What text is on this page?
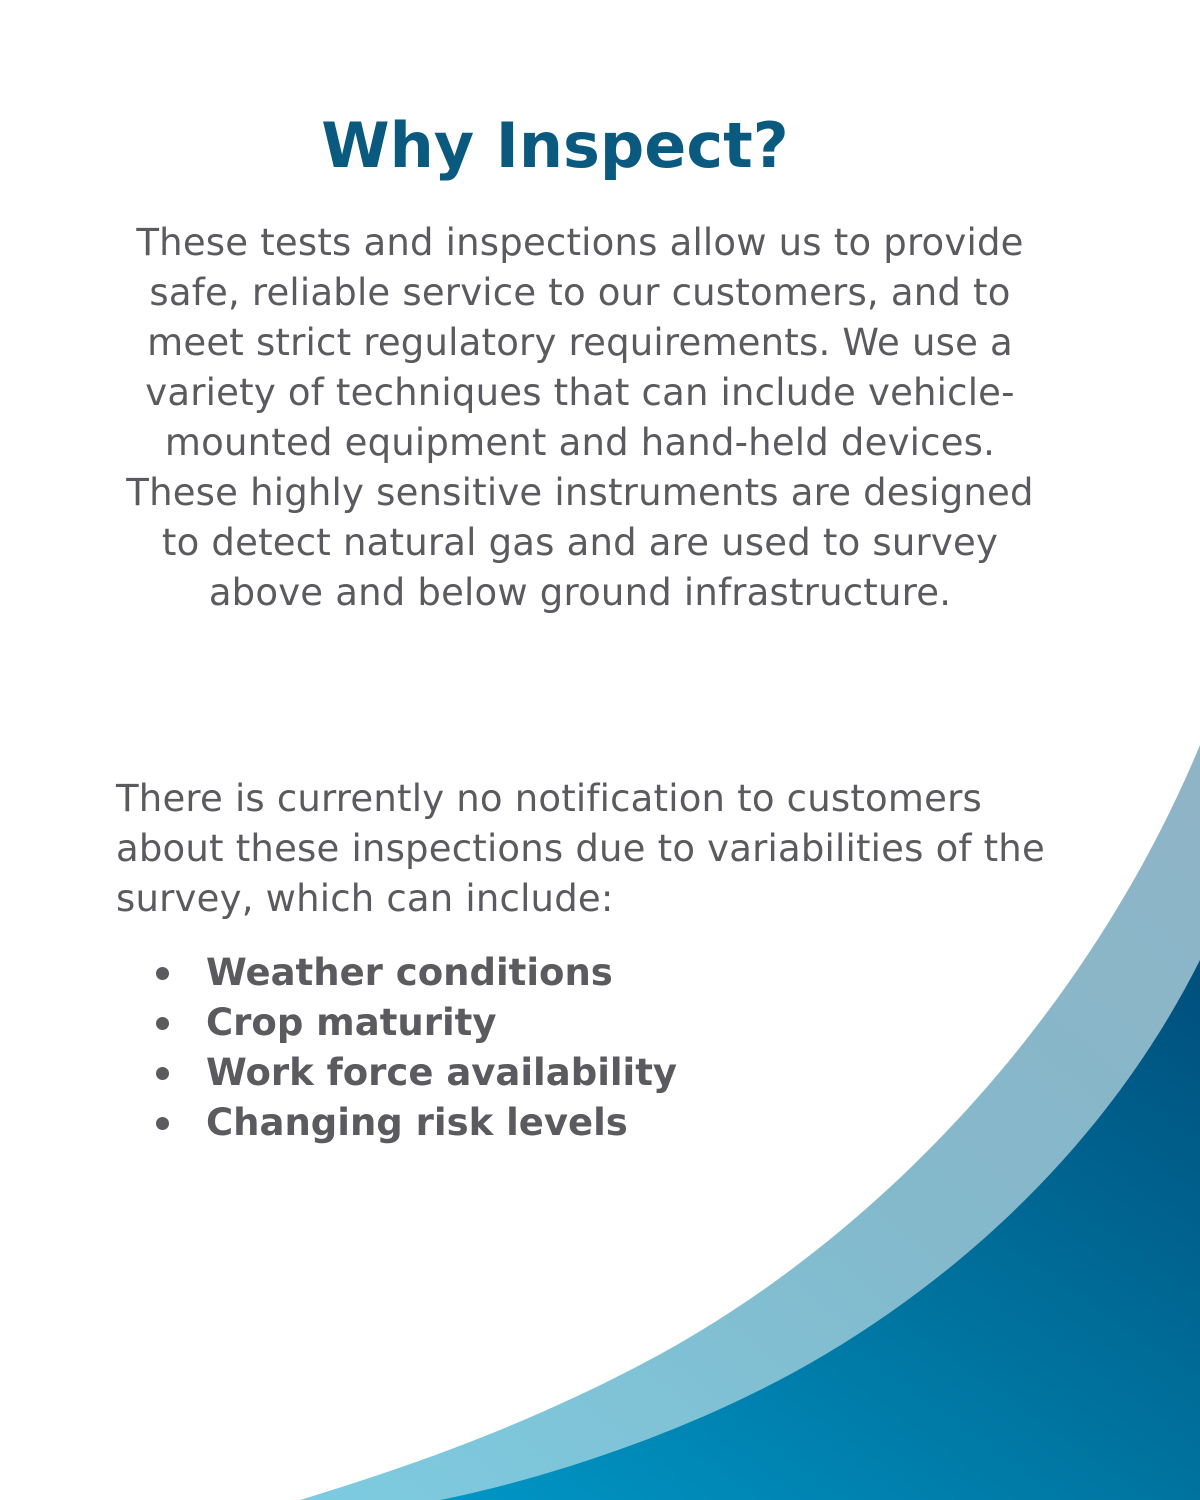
Why Inspect?

These tests and inspections allow us to provide safe, reliable service to our customers, and to meet strict regulatory requirements. We use a variety of techniques that can include vehicle-mounted equipment and hand-held devices. These highly sensitive instruments are designed to detect natural gas and are used to survey above and below ground infrastructure.

There is currently no notification to customers about these inspections due to variabilities of the survey, which can include:

Weather conditions
Crop maturity
Work force availability
Changing risk levels
